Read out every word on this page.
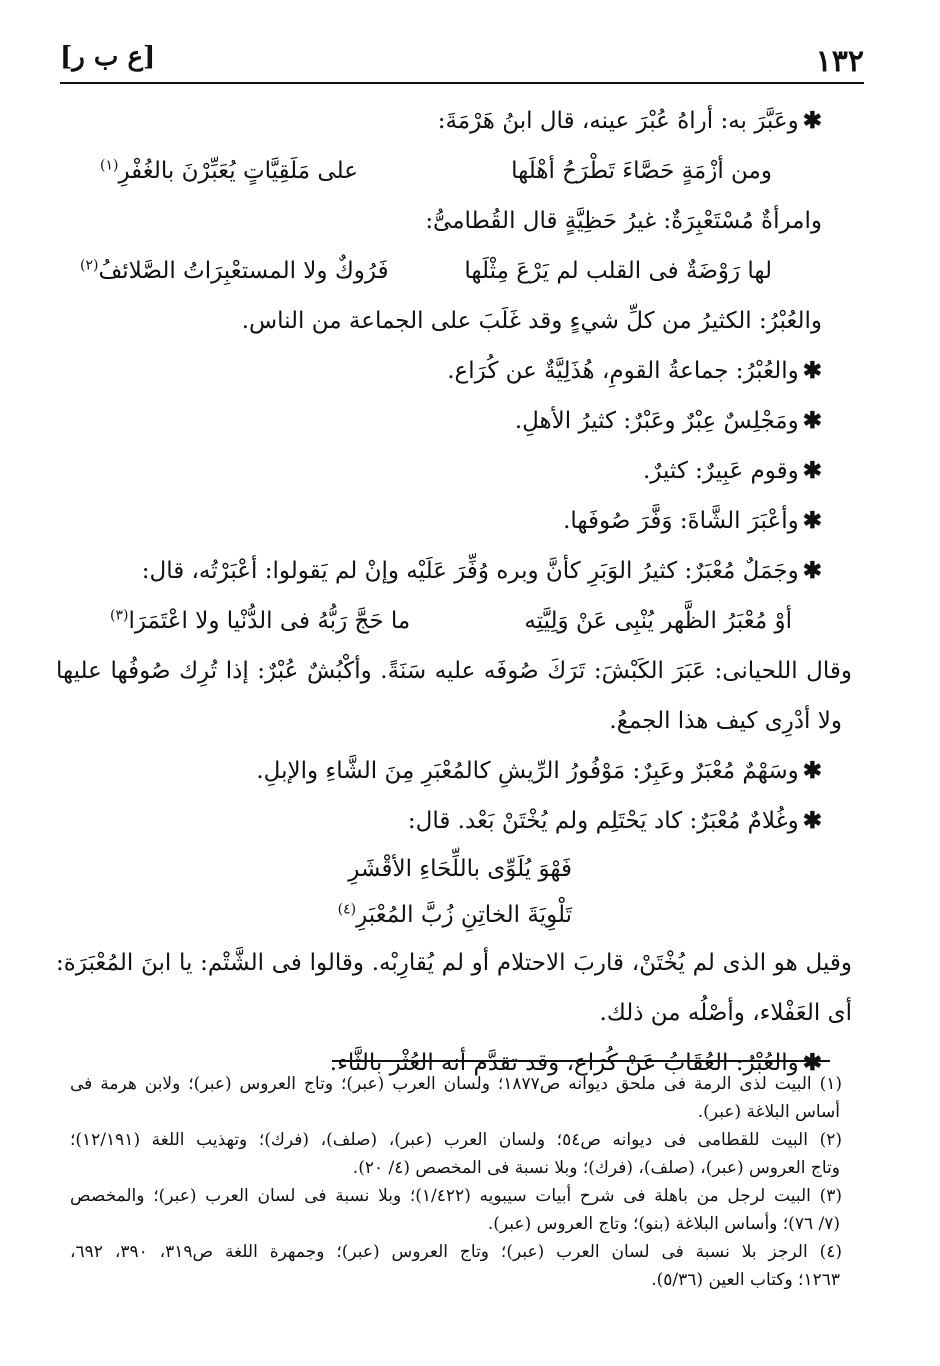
١٣٢
[ع ب ر]

✱وعَبَّرَ به: أراهُ عُبْرَ عينه، قال ابنُ هَرْمَةَ:

ومن أزْمَةٍ حَصَّاءَ تَطْرَحُ أهْلَها
على مَلَقِيَّاتٍ يُعَبِّرْنَ بالغُفْرِ$^{(١)}$

وامرأةٌ مُسْتَعْبِرَةٌ: غيرُ حَظِيَّةٍ قال القُطامىُّ:

لها رَوْضَةٌ فى القلب لم يَرْعَ مِثْلَها
فَرُوكٌ ولا المستعْبِرَاتُ الصَّلائفُ$^{(٢)}$

والعُبْرُ: الكثيرُ من كلِّ شيءٍ وقد غَلَبَ على الجماعة من الناس.

✱والعُبْرُ: جماعةُ القومِ، هُذَلِيَّةٌ عن كُرَاع.

✱ومَجْلِسٌ عِبْرٌ وعَبْرٌ: كثيرُ الأهلِ.

✱وقوم عَبِيرٌ: كثيرٌ.

✱وأعْبَرَ الشَّاةَ: وَفَّرَ صُوفَها.

✱وجَمَلٌ مُعْبَرٌ: كثيرُ الوَبَرِ كأنَّ وبره وُفِّرَ عَلَيْه وإنْ لم يَقولوا: أعْبَرْتُه، قال:

أوْ مُعْبَرُ الظَّهر يُنْبِى عَنْ وَلِيَّتِه
ما حَجَّ رَبُّهُ فى الدُّنْيا ولا اعْتَمَرَا$^{(٣)}$

وقال اللحيانى: عَبَرَ الكَبْشَ: تَرَكَ صُوفَه عليه سَنَةً. وأكْبُشٌ عُبْرٌ: إذا تُرِك صُوفُها عليها

ولا أدْرِى كيف هذا الجمعُ.

✱وسَهْمٌ مُعْبَرٌ وعَبِرٌ: مَوْفُورُ الرِّيشِ كالمُعْبَرِ مِنَ الشَّاءِ والإبلِ.

✱وغُلامٌ مُعْبَرٌ: كاد يَحْتَلِم ولم يُخْتَنْ بَعْد. قال:

فَهْوَ يُلَوِّى باللِّحَاءِ الأقْشَرِ

تَلْوِيَةَ الخاتِنِ زُبَّ المُعْبَرِ$^{(٤)}$

وقيل هو الذى لم يُخْتَنْ، قاربَ الاحتلام أو لم يُقارِبْه. وقالوا فى الشَّتْم: يا ابنَ المُعْبَرَة:

أى العَفْلاء، وأصْلُه من ذلك.

✱والعُبْرُ: العُقَابُ عَنْ كُرَاع، وقد تقدَّم أنه العُثْر بالثَّاء.

(١) البيت لذى الرمة فى ملحق ديوانه ص١٨٧٧؛ ولسان العرب (عبر)؛ وتاج العروس (عبر)؛ ولابن هرمة فى
أساس البلاغة (عبر).

(٢) البيت للقطامى فى ديوانه ص٥٤؛ ولسان العرب (عبر)، (صلف)، (فرك)؛ وتهذيب اللغة (١٢/١٩١)؛
وتاج العروس (عبر)، (صلف)، (فرك)؛ وبلا نسبة فى المخصص (٤/ ٢٠).

(٣) البيت لرجل من باهلة فى شرح أبيات سيبويه (١/٤٢٢)؛ وبلا نسبة فى لسان العرب (عبر)؛ والمخصص
(٧/ ٧٦)؛ وأساس البلاغة (بنو)؛ وتاج العروس (عبر).

(٤) الرجز بلا نسبة فى لسان العرب (عبر)؛ وتاج العروس (عبر)؛ وجمهرة اللغة ص٣١٩، ٣٩٠، ٦٩٢،
١٢٦٣؛ وكتاب العين (٥/٣٦).
